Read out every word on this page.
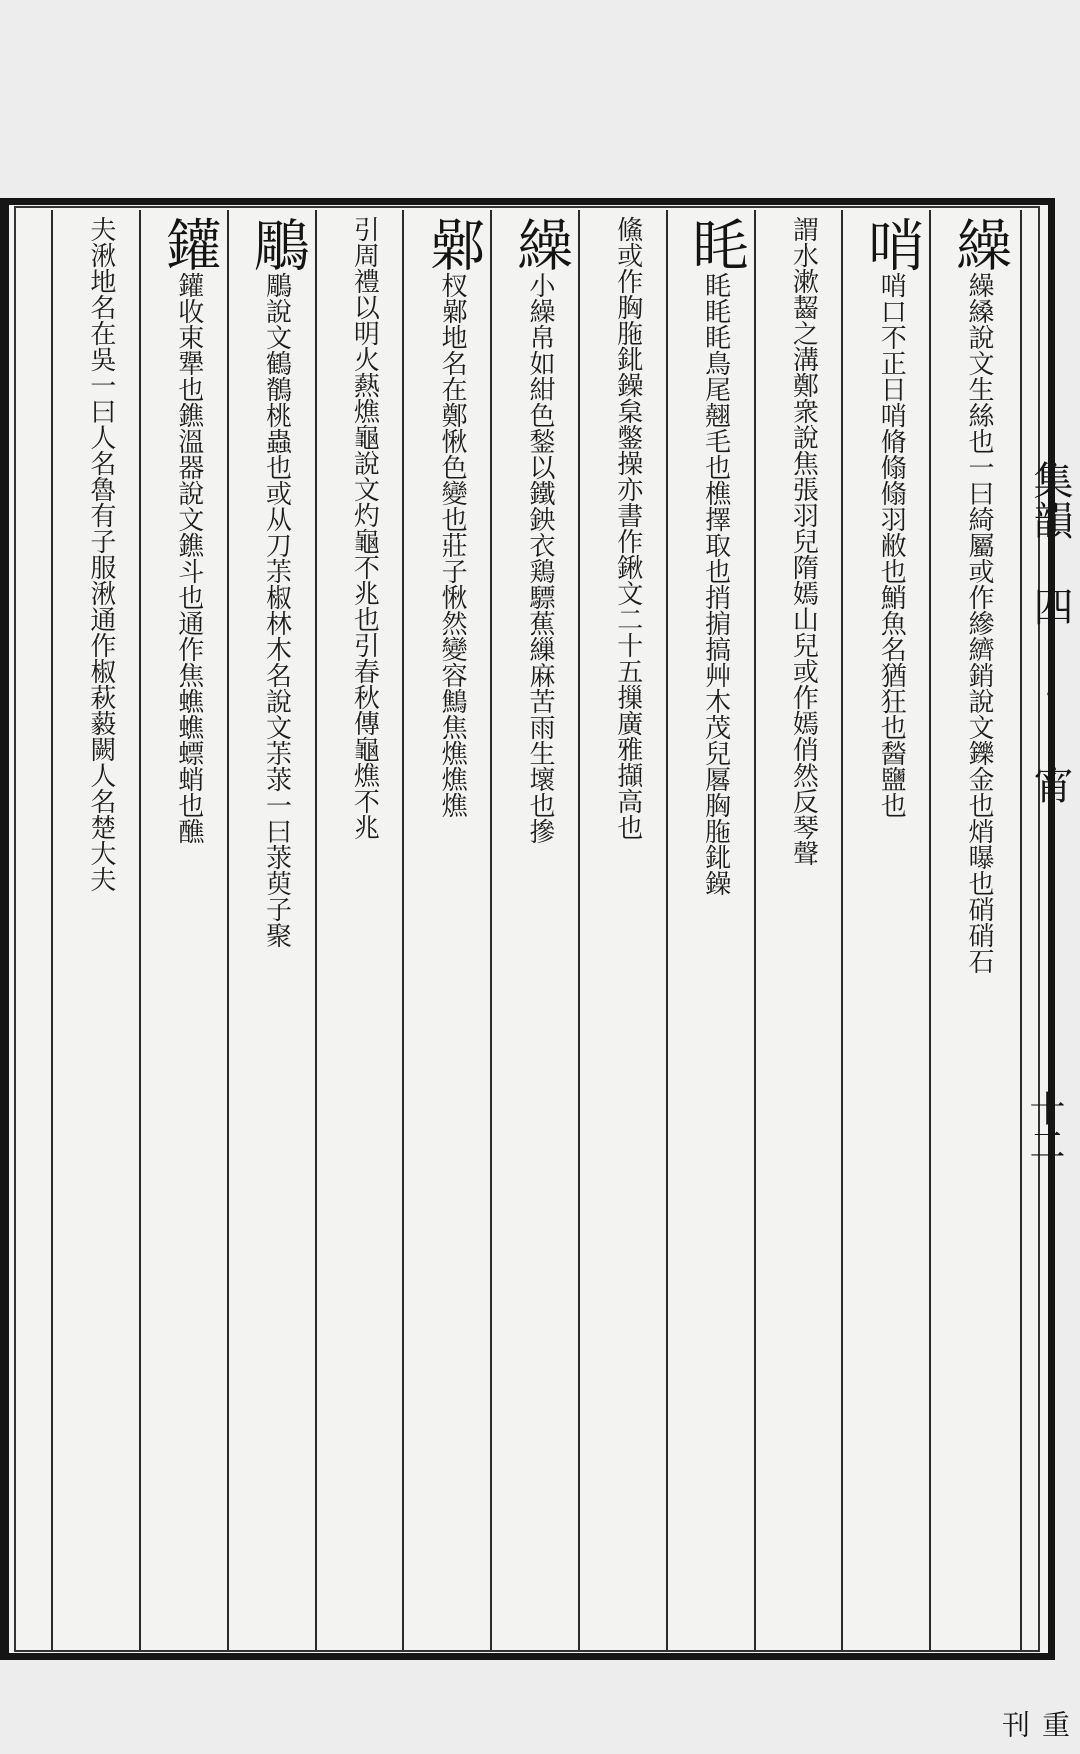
集韻 四 · 宵
十二
重刊
繰繰縔說文生絲也一曰綺屬或作縿纃銷說文鑠金也焇曝也硝硝石
哨哨口不正日哨脩翛翛羽敝也鮹魚名猶狂也醔鹽也
謂水漱齧之溝鄭衆說焦張羽兒隋嫣山兒或作嫣俏然反琴聲
眊眊眊眊鳥尾翹毛也樵擇取也捎掮搞艸木茂兒厬胸胣鉳鐰
鯈或作胸胣鉳鐰枲鐅操亦書作鍬文二十五摷廣雅擷高也
繰小繰帛如紺色鍫以鐵鉠衣鶏驃蕉繅麻苦雨生壞也摻
鄵杈鄵地名在鄭愀色變也莊子愀然變容鷦焦燋燋燋
引周禮以明火爇燋龜說文灼龜不兆也引春秋傳龜燋不兆
鵰鵰說文鶴鶺桃蟲也或从刀茮椒林木名說文茮莍一曰莍萸子聚
鑵鑵收束犟也鐎溫器說文鐎斗也通作焦蟭蟭螵蛸也醮
夫湫地名在吳一曰人名魯有子服湫通作椒萩藙闕人名楚大夫
